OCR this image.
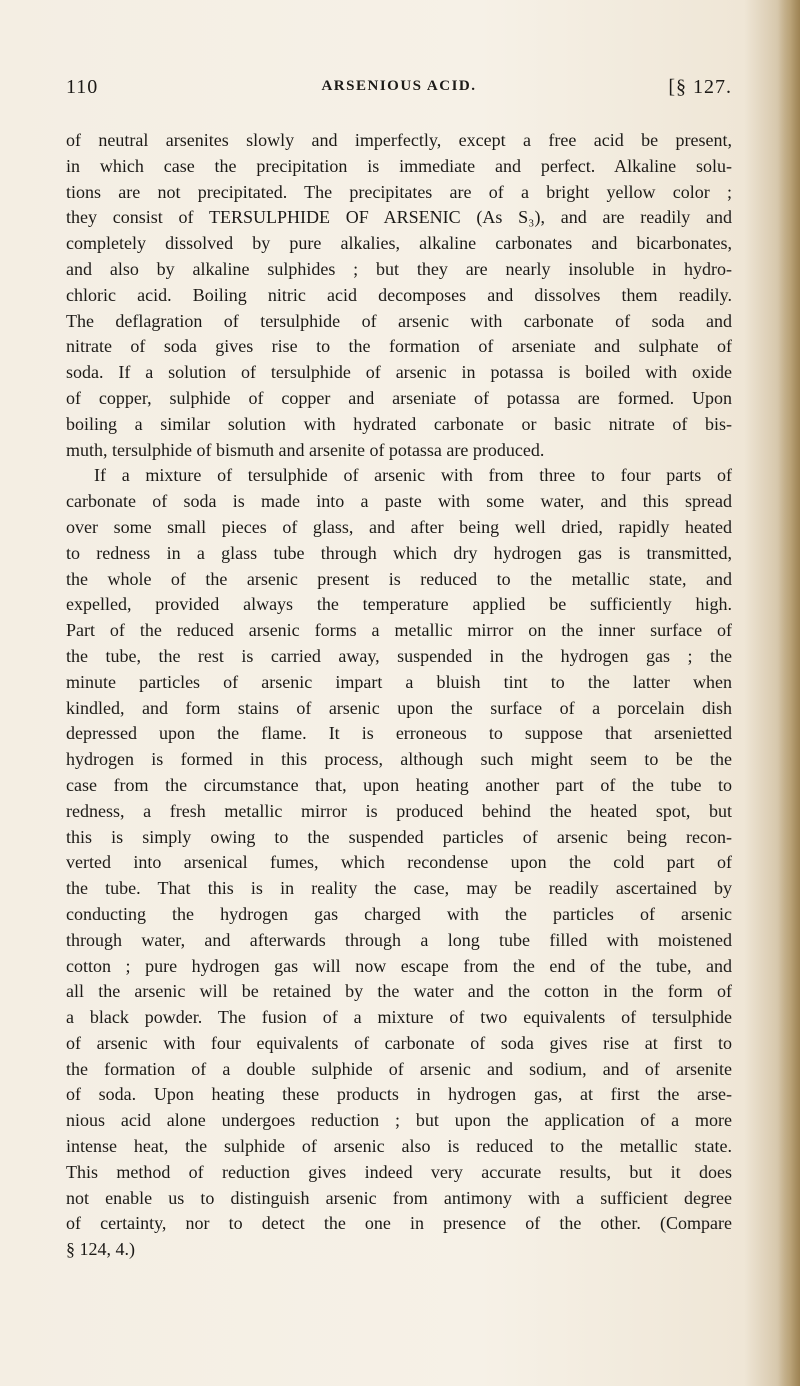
110	ARSENIOUS ACID.	[§ 127.
of neutral arsenites slowly and imperfectly, except a free acid be present,
in which case the precipitation is immediate and perfect. Alkaline solu-
tions are not precipitated. The precipitates are of a bright yellow color ;
they consist of TERSULPHIDE OF ARSENIC (As S₃), and are readily and
completely dissolved by pure alkalies, alkaline carbonates and bicarbonates,
and also by alkaline sulphides ; but they are nearly insoluble in hydro-
chloric acid. Boiling nitric acid decomposes and dissolves them readily.
The deflagration of tersulphide of arsenic with carbonate of soda and
nitrate of soda gives rise to the formation of arseniate and sulphate of
soda. If a solution of tersulphide of arsenic in potassa is boiled with oxide
of copper, sulphide of copper and arseniate of potassa are formed. Upon
boiling a similar solution with hydrated carbonate or basic nitrate of bis-
muth, tersulphide of bismuth and arsenite of potassa are produced.
If a mixture of tersulphide of arsenic with from three to four parts of
carbonate of soda is made into a paste with some water, and this spread
over some small pieces of glass, and after being well dried, rapidly heated
to redness in a glass tube through which dry hydrogen gas is transmitted,
the whole of the arsenic present is reduced to the metallic state, and
expelled, provided always the temperature applied be sufficiently high.
Part of the reduced arsenic forms a metallic mirror on the inner surface of
the tube, the rest is carried away, suspended in the hydrogen gas ; the
minute particles of arsenic impart a bluish tint to the latter when
kindled, and form stains of arsenic upon the surface of a porcelain dish
depressed upon the flame. It is erroneous to suppose that arsenietted
hydrogen is formed in this process, although such might seem to be the
case from the circumstance that, upon heating another part of the tube to
redness, a fresh metallic mirror is produced behind the heated spot, but
this is simply owing to the suspended particles of arsenic being recon-
verted into arsenical fumes, which recondense upon the cold part of
the tube. That this is in reality the case, may be readily ascertained by
conducting the hydrogen gas charged with the particles of arsenic
through water, and afterwards through a long tube filled with moistened
cotton ; pure hydrogen gas will now escape from the end of the tube, and
all the arsenic will be retained by the water and the cotton in the form of
a black powder. The fusion of a mixture of two equivalents of tersulphide
of arsenic with four equivalents of carbonate of soda gives rise at first to
the formation of a double sulphide of arsenic and sodium, and of arsenite
of soda. Upon heating these products in hydrogen gas, at first the arse-
nious acid alone undergoes reduction ; but upon the application of a more
intense heat, the sulphide of arsenic also is reduced to the metallic state.
This method of reduction gives indeed very accurate results, but it does
not enable us to distinguish arsenic from antimony with a sufficient degree
of certainty, nor to detect the one in presence of the other. (Compare
§ 124, 4.)
